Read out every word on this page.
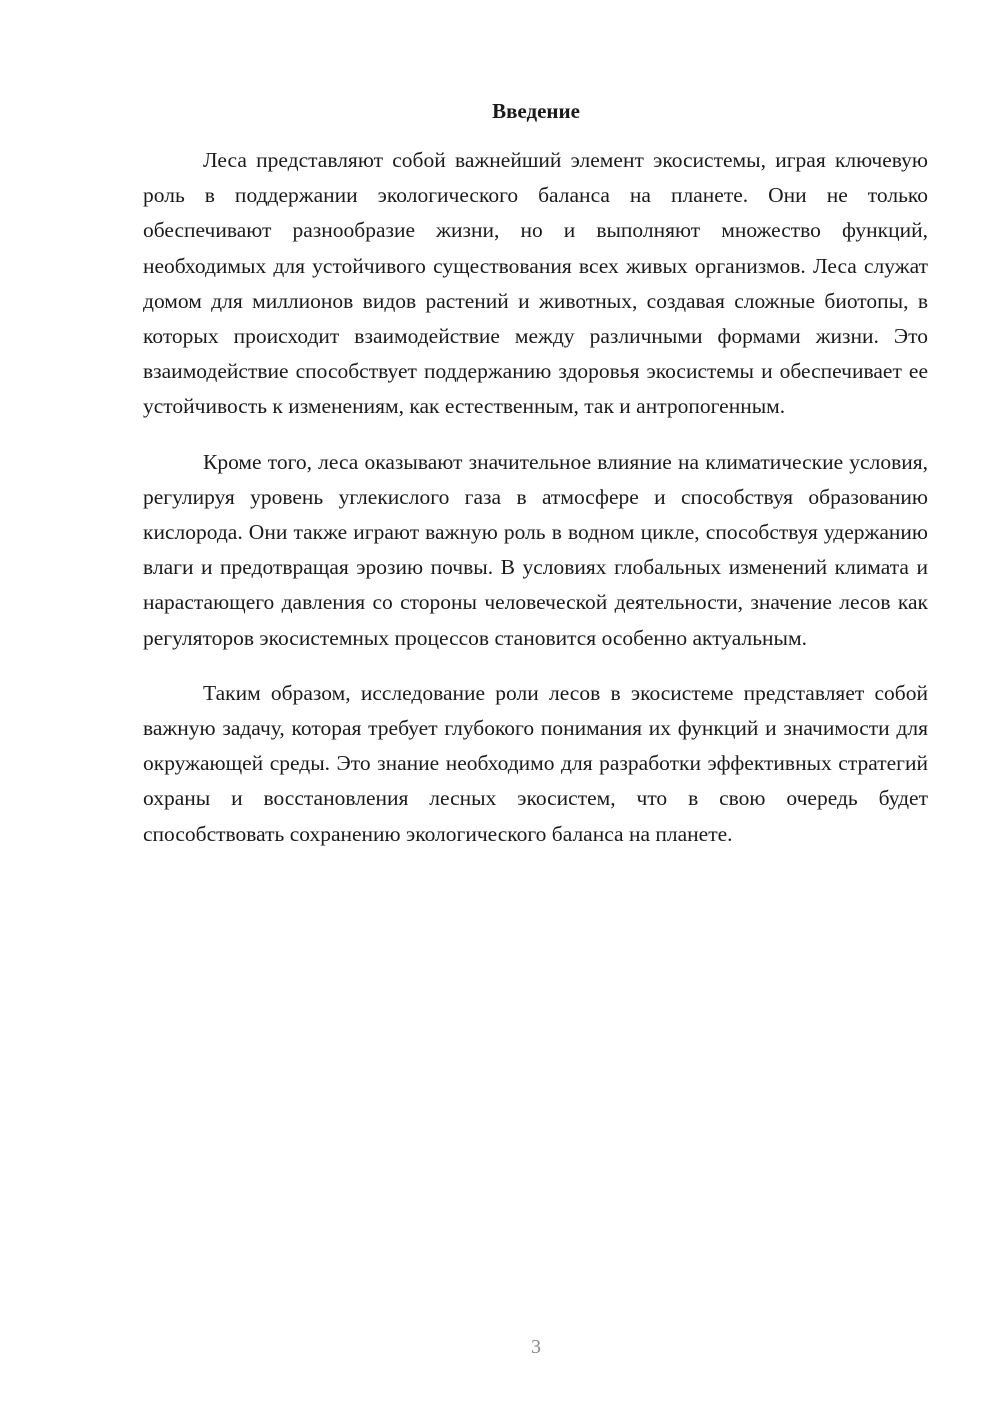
Введение

Леса представляют собой важнейший элемент экосистемы, играя ключевую роль в поддержании экологического баланса на планете. Они не только обеспечивают разнообразие жизни, но и выполняют множество функций, необходимых для устойчивого существования всех живых организмов. Леса служат домом для миллионов видов растений и животных, создавая сложные биотопы, в которых происходит взаимодействие между различными формами жизни. Это взаимодействие способствует поддержанию здоровья экосистемы и обеспечивает ее устойчивость к изменениям, как естественным, так и антропогенным.

Кроме того, леса оказывают значительное влияние на климатические условия, регулируя уровень углекислого газа в атмосфере и способствуя образованию кислорода. Они также играют важную роль в водном цикле, способствуя удержанию влаги и предотвращая эрозию почвы. В условиях глобальных изменений климата и нарастающего давления со стороны человеческой деятельности, значение лесов как регуляторов экосистемных процессов становится особенно актуальным.

Таким образом, исследование роли лесов в экосистеме представляет собой важную задачу, которая требует глубокого понимания их функций и значимости для окружающей среды. Это знание необходимо для разработки эффективных стратегий охраны и восстановления лесных экосистем, что в свою очередь будет способствовать сохранению экологического баланса на планете.

3
